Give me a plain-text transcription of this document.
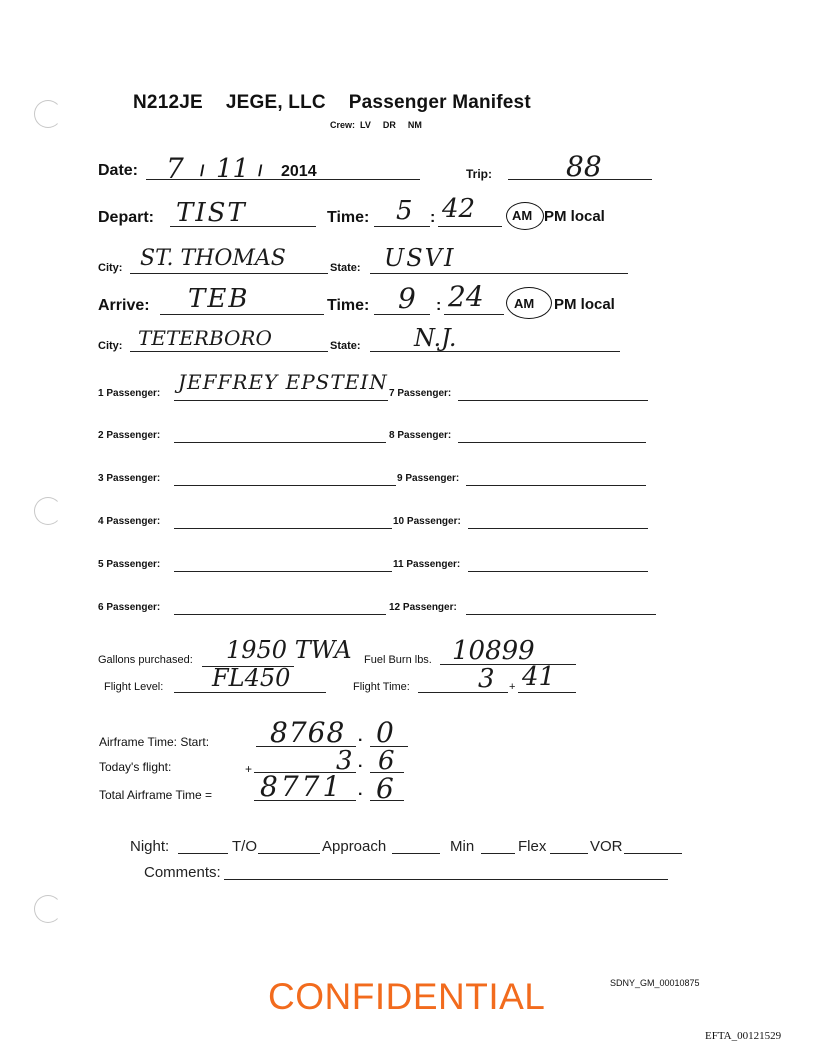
N212JE JEGE, LLC Passenger Manifest
Crew: LV DR NM
Date: 7 / 11 / 2014	Trip:	88
Depart: TIST	Time: 5 : 42	AM PM local
City: ST. THOMAS	State: USVI
Arrive: TEB	Time: 9 : 24 AM PM local
City: TETERBORO	State: N.J.
1 Passenger: JEFFREY EPSTEIN
2 Passenger:
3 Passenger:
4 Passenger:
5 Passenger:
6 Passenger:
7 Passenger:
8 Passenger:
9 Passenger:
10 Passenger:
11 Passenger:
12 Passenger:
Gallons purchased: 1950 TWA Fuel Burn lbs. 10899
Flight Level: FL450	Flight Time:	3 + 41
Airframe Time: Start: 8768 . 0
Today's flight:	+	3 . 6
Total Airframe Time = 8771 . 6
Night:	T/O	Approach	Min	Flex	VOR
Comments:
CONFIDENTIAL	SDNY_GM_00010875
EFTA_00121529
